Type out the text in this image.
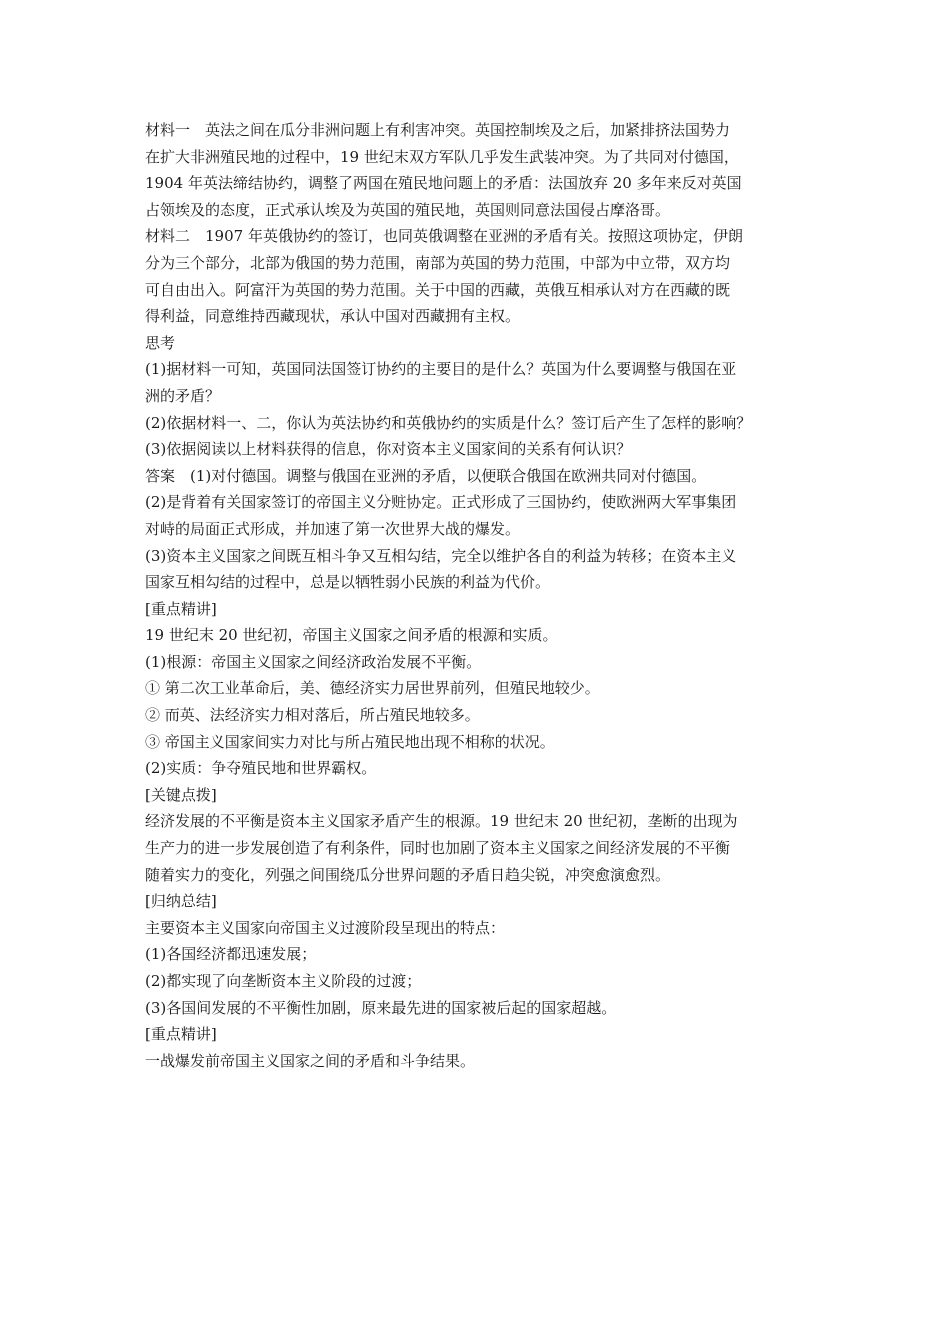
材料一　英法之间在瓜分非洲问题上有利害冲突。英国控制埃及之后，加紧排挤法国势力

在扩大非洲殖民地的过程中，19 世纪末双方军队几乎发生武装冲突。为了共同对付德国，

1904 年英法缔结协约，调整了两国在殖民地问题上的矛盾：法国放弃 20 多年来反对英国

占领埃及的态度，正式承认埃及为英国的殖民地，英国则同意法国侵占摩洛哥。

材料二　1907 年英俄协约的签订，也同英俄调整在亚洲的矛盾有关。按照这项协定，伊朗

分为三个部分，北部为俄国的势力范围，南部为英国的势力范围，中部为中立带，双方均

可自由出入。阿富汗为英国的势力范围。关于中国的西藏，英俄互相承认对方在西藏的既

得利益，同意维持西藏现状，承认中国对西藏拥有主权。

思考

(1)据材料一可知，英国同法国签订协约的主要目的是什么？英国为什么要调整与俄国在亚

洲的矛盾？

(2)依据材料一、二，你认为英法协约和英俄协约的实质是什么？签订后产生了怎样的影响？

(3)依据阅读以上材料获得的信息，你对资本主义国家间的关系有何认识？

答案　(1)对付德国。调整与俄国在亚洲的矛盾，以便联合俄国在欧洲共同对付德国。

(2)是背着有关国家签订的帝国主义分赃协定。正式形成了三国协约，使欧洲两大军事集团

对峙的局面正式形成，并加速了第一次世界大战的爆发。

(3)资本主义国家之间既互相斗争又互相勾结，完全以维护各自的利益为转移；在资本主义

国家互相勾结的过程中，总是以牺牲弱小民族的利益为代价。

[重点精讲]

19 世纪末 20 世纪初，帝国主义国家之间矛盾的根源和实质。

(1)根源：帝国主义国家之间经济政治发展不平衡。

① 第二次工业革命后，美、德经济实力居世界前列，但殖民地较少。

② 而英、法经济实力相对落后，所占殖民地较多。

③ 帝国主义国家间实力对比与所占殖民地出现不相称的状况。

(2)实质：争夺殖民地和世界霸权。

[关键点拨]

经济发展的不平衡是资本主义国家矛盾产生的根源。19 世纪末 20 世纪初，垄断的出现为

生产力的进一步发展创造了有利条件，同时也加剧了资本主义国家之间经济发展的不平衡

随着实力的变化，列强之间围绕瓜分世界问题的矛盾日趋尖锐，冲突愈演愈烈。

[归纳总结]

主要资本主义国家向帝国主义过渡阶段呈现出的特点：

(1)各国经济都迅速发展；

(2)都实现了向垄断资本主义阶段的过渡；

(3)各国间发展的不平衡性加剧，原来最先进的国家被后起的国家超越。

[重点精讲]

一战爆发前帝国主义国家之间的矛盾和斗争结果。
